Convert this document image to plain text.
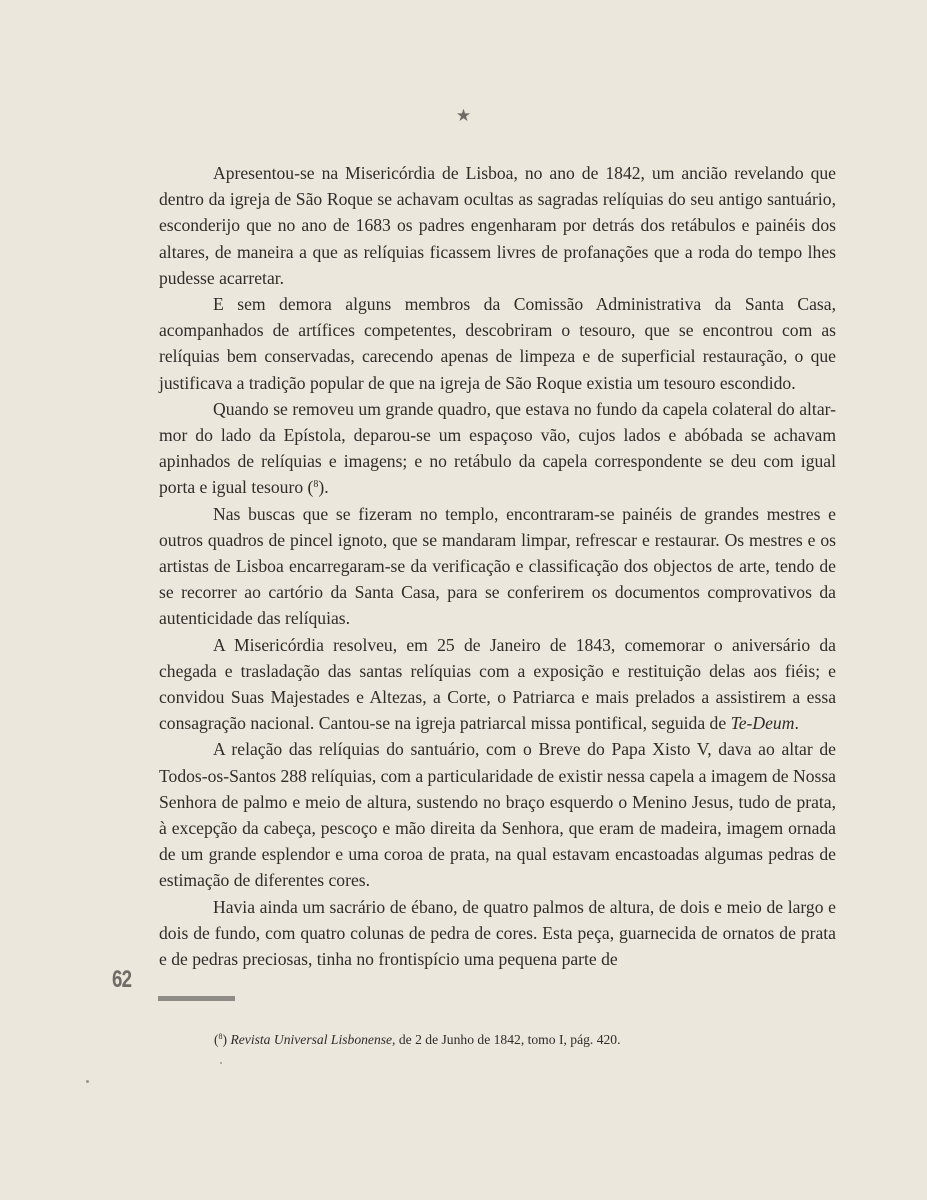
★

Apresentou-se na Misericórdia de Lisboa, no ano de 1842, um ancião revelando que dentro da igreja de São Roque se achavam ocultas as sagradas relíquias do seu antigo santuário, esconderijo que no ano de 1683 os padres engenharam por detrás dos retábulos e painéis dos altares, de maneira a que as relíquias ficassem livres de profanações que a roda do tempo lhes pudesse acarretar.

E sem demora alguns membros da Comissão Administrativa da Santa Casa, acompanhados de artífices competentes, descobriram o tesouro, que se encontrou com as relíquias bem conservadas, carecendo apenas de limpeza e de superficial restauração, o que justificava a tradição popular de que na igreja de São Roque existia um tesouro escondido.

Quando se removeu um grande quadro, que estava no fundo da capela colateral do altar-mor do lado da Epístola, deparou-se um espaçoso vão, cujos lados e abóbada se achavam apinhados de relíquias e imagens; e no retábulo da capela correspondente se deu com igual porta e igual tesouro ($^8$).

Nas buscas que se fizeram no templo, encontraram-se painéis de grandes mestres e outros quadros de pincel ignoto, que se mandaram limpar, refrescar e restaurar. Os mestres e os artistas de Lisboa encarregaram-se da verificação e classificação dos objectos de arte, tendo de se recorrer ao cartório da Santa Casa, para se conferirem os documentos comprovativos da autenticidade das relíquias.

A Misericórdia resolveu, em 25 de Janeiro de 1843, comemorar o aniversário da chegada e trasladação das santas relíquias com a exposição e restituição delas aos fiéis; e convidou Suas Majestades e Altezas, a Corte, o Patriarca e mais prelados a assistirem a essa consagração nacional. Cantou-se na igreja patriarcal missa pontifical, seguida de Te-Deum.

A relação das relíquias do santuário, com o Breve do Papa Xisto V, dava ao altar de Todos-os-Santos 288 relíquias, com a particularidade de existir nessa capela a imagem de Nossa Senhora de palmo e meio de altura, sustendo no braço esquerdo o Menino Jesus, tudo de prata, à excepção da cabeça, pescoço e mão direita da Senhora, que eram de madeira, imagem ornada de um grande esplendor e uma coroa de prata, na qual estavam encastoadas algumas pedras de estimação de diferentes cores.

Havia ainda um sacrário de ébano, de quatro palmos de altura, de dois e meio de largo e dois de fundo, com quatro colunas de pedra de cores. Esta peça, guarnecida de ornatos de prata e de pedras preciosas, tinha no frontispício uma pequena parte de

62
($^8$) Revista Universal Lisbonense, de 2 de Junho de 1842, tomo I, pág. 420.
